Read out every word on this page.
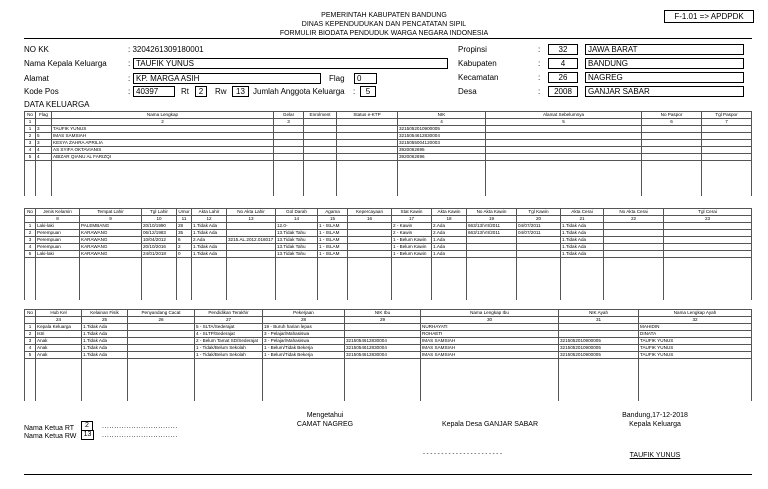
PEMERINTAH KABUPATEN BANDUNG
DINAS KEPENDUDUKAN DAN PENCATATAN SIPIL
FORMULIR BIODATA PENDUDUK WARGA NEGARA INDONESIA
F-1.01 => APDPDK
NO KK	: 3204261309180001
Nama Kepala Keluarga	: TAUFIK YUNUS
Alamat	: KP. MARGA ASIH	Flag	0
Kode Pos	: 40397	Rt	2	Rw	13	Jumlah Anggota Keluarga :	5
Propinsi	:	32	JAWA BARAT
Kabupaten	:	4	BANDUNG
Kecamatan	:	26	NAGREG
Desa	:	2008	GANJAR SABAR
DATA KELUARGA
No	Flag	Nama Lengkap	Gelar	Enrolment	Status e-KTP	NIK	Alamat Sebelumnya	No Paspor	Tgl Paspor
1		2	3			4	5	6	7
1	3	TAUFIK YUNUS				3215052010900005			
2	5	IMAS SAMSIAH				3215054612830004			
3	3	KESYA ZAHRA APRILIA				3215055004120003			
4	4	AS SYIFA OKTAVIANIS				3920062695			
5	4	ABIZAR QIANU AL FARIZQI				3920062696			

No	Jenis Kelamin	Tempat Lahir	Tgl Lahir	Umur	Akta Lahir	No Akta Lahir	Gol Darah	Agama	Kepercayaan	Stat Kawin	Akta Kawin	No Akta Kawin	Tgl Kawin	Akta Cerai	No Akta Cerai	Tgl Cerai
	8	9	10	11	12	13	14	15	16	17	18	19	20	21	22	23
1	Laki-laki	PALEMBANG	20/10/1990	28	1.Tidak Ada		12.0-	1 - ISLAM		2 - Kawin	2.Ada	663/13/VII/2011	04/07/2011	1.Tidak Ada		
2	Perempuan	KARAWANG	06/12/1983	35	1.Tidak Ada		13.Tidak Tahu	1 - ISLAM		2 - Kawin	2.Ada	663/13/VII/2011	04/07/2011	1.Tidak Ada		
3	Perempuan	KARAWANG	10/04/2012	6	2.Ada	3215.AL.2012.016017	13.Tidak Tahu	1 - ISLAM		1 - Belum Kawin	1.Ada			1.Tidak Ada		
4	Perempuan	KARAWANG	20/10/2016	2	1.Tidak Ada		13.Tidak Tahu	1 - ISLAM		1 - Belum Kawin	1.Ada			1.Tidak Ada		
5	Laki-laki	KARAWANG	24/01/2018	0	1.Tidak Ada		13.Tidak Tahu	1 - ISLAM		1 - Belum Kawin	1.Ada			1.Tidak Ada		

No	Hub Kel	Kelainan Fisik	Penyandang Cacat	Pendidikan Terakhir	Pekerjaan	NIK Ibu	Nama Lengkap Ibu	NIK Ayah	Nama Lengkap Ayah
	24	25	26	27	28	29	30	31	32
1	Kepala Keluarga	1.Tidak Ada		5 - SLTA/Sederajat	19 - Buruh harian lepas		NURHAYATI		MAHIDIN
2	Istri	1.Tidak Ada		4 - SLTP/Sederajat	3 - Pelajar/Mahasiswa		ROHAETI		DINATA
3	Anak	1.Tidak Ada		2 - Belum Tamat SD/Sederajat	3 - Pelajar/Mahasiswa	3215054612830004	IMAS SAMSIAH	3215052010900005	TAUFIK YUNUS
4	Anak	1.Tidak Ada		1 - Tidak/Belum Sekolah	1 - Belum/Tidak Bekerja	3215054612830004	IMAS SAMSIAH	3215052010900005	TAUFIK YUNUS
5	Anak	1.Tidak Ada		1 - Tidak/Belum Sekolah	1 - Belum/Tidak Bekerja	3215054612830004	IMAS SAMSIAH	3215052010900005	TAUFIK YUNUS

Mengetahui
CAMAT NAGREG	Kepala Desa GANJAR SABAR
Bandung,17-12-2018
Kepala Keluarga
Nama Ketua RT	2	...............................
Nama Ketua RW	13	...............................
- - - - - - - - - - - - - - - - - - - - - -	TAUFIK YUNUS
